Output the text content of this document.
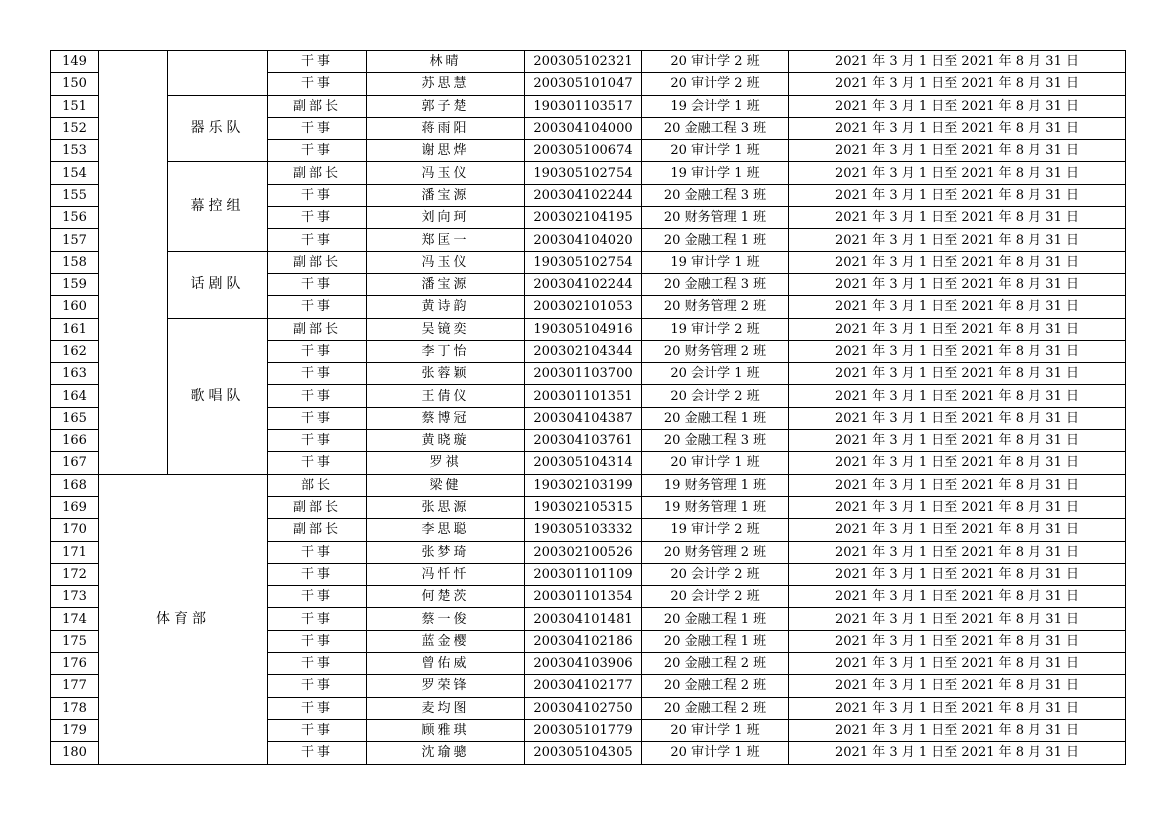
149			干事	林晴	200305102321	20 审计学 2 班	2021 年 3 月 1 日至 2021 年 8 月 31 日
150			干事	苏思慧	200305101047	20 审计学 2 班	2021 年 3 月 1 日至 2021 年 8 月 31 日
151		器乐队	副部长	郭子楚	190301103517	19 会计学 1 班	2021 年 3 月 1 日至 2021 年 8 月 31 日
152			干事	蒋雨阳	200304104000	20 金融工程 3 班	2021 年 3 月 1 日至 2021 年 8 月 31 日
153			干事	谢思烨	200305100674	20 审计学 1 班	2021 年 3 月 1 日至 2021 年 8 月 31 日
154		幕控组	副部长	冯玉仪	190305102754	19 审计学 1 班	2021 年 3 月 1 日至 2021 年 8 月 31 日
155			干事	潘宝源	200304102244	20 金融工程 3 班	2021 年 3 月 1 日至 2021 年 8 月 31 日
156			干事	刘向珂	200302104195	20 财务管理 1 班	2021 年 3 月 1 日至 2021 年 8 月 31 日
157			干事	郑匡一	200304104020	20 金融工程 1 班	2021 年 3 月 1 日至 2021 年 8 月 31 日
158		话剧队	副部长	冯玉仪	190305102754	19 审计学 1 班	2021 年 3 月 1 日至 2021 年 8 月 31 日
159			干事	潘宝源	200304102244	20 金融工程 3 班	2021 年 3 月 1 日至 2021 年 8 月 31 日
160			干事	黄诗韵	200302101053	20 财务管理 2 班	2021 年 3 月 1 日至 2021 年 8 月 31 日
161		歌唱队	副部长	吴镜奕	190305104916	19 审计学 2 班	2021 年 3 月 1 日至 2021 年 8 月 31 日
162			干事	李丁怡	200302104344	20 财务管理 2 班	2021 年 3 月 1 日至 2021 年 8 月 31 日
163			干事	张蓉颖	200301103700	20 会计学 1 班	2021 年 3 月 1 日至 2021 年 8 月 31 日
164			干事	王倩仪	200301101351	20 会计学 2 班	2021 年 3 月 1 日至 2021 年 8 月 31 日
165			干事	蔡博冠	200304104387	20 金融工程 1 班	2021 年 3 月 1 日至 2021 年 8 月 31 日
166			干事	黄晓璇	200304103761	20 金融工程 3 班	2021 年 3 月 1 日至 2021 年 8 月 31 日
167			干事	罗祺	200305104314	20 审计学 1 班	2021 年 3 月 1 日至 2021 年 8 月 31 日
168	体育部		部长	梁健	190302103199	19 财务管理 1 班	2021 年 3 月 1 日至 2021 年 8 月 31 日
169			副部长	张思源	190302105315	19 财务管理 1 班	2021 年 3 月 1 日至 2021 年 8 月 31 日
170			副部长	李思聪	190305103332	19 审计学 2 班	2021 年 3 月 1 日至 2021 年 8 月 31 日
171			干事	张梦琦	200302100526	20 财务管理 2 班	2021 年 3 月 1 日至 2021 年 8 月 31 日
172			干事	冯忏忏	200301101109	20 会计学 2 班	2021 年 3 月 1 日至 2021 年 8 月 31 日
173			干事	何楚茨	200301101354	20 会计学 2 班	2021 年 3 月 1 日至 2021 年 8 月 31 日
174			干事	蔡一俊	200304101481	20 金融工程 1 班	2021 年 3 月 1 日至 2021 年 8 月 31 日
175			干事	蓝金樱	200304102186	20 金融工程 1 班	2021 年 3 月 1 日至 2021 年 8 月 31 日
176			干事	曾佑威	200304103906	20 金融工程 2 班	2021 年 3 月 1 日至 2021 年 8 月 31 日
177			干事	罗荣锋	200304102177	20 金融工程 2 班	2021 年 3 月 1 日至 2021 年 8 月 31 日
178			干事	麦均图	200304102750	20 金融工程 2 班	2021 年 3 月 1 日至 2021 年 8 月 31 日
179			干事	顾雅琪	200305101779	20 审计学 1 班	2021 年 3 月 1 日至 2021 年 8 月 31 日
180			干事	沈瑜骢	200305104305	20 审计学 1 班	2021 年 3 月 1 日至 2021 年 8 月 31 日
